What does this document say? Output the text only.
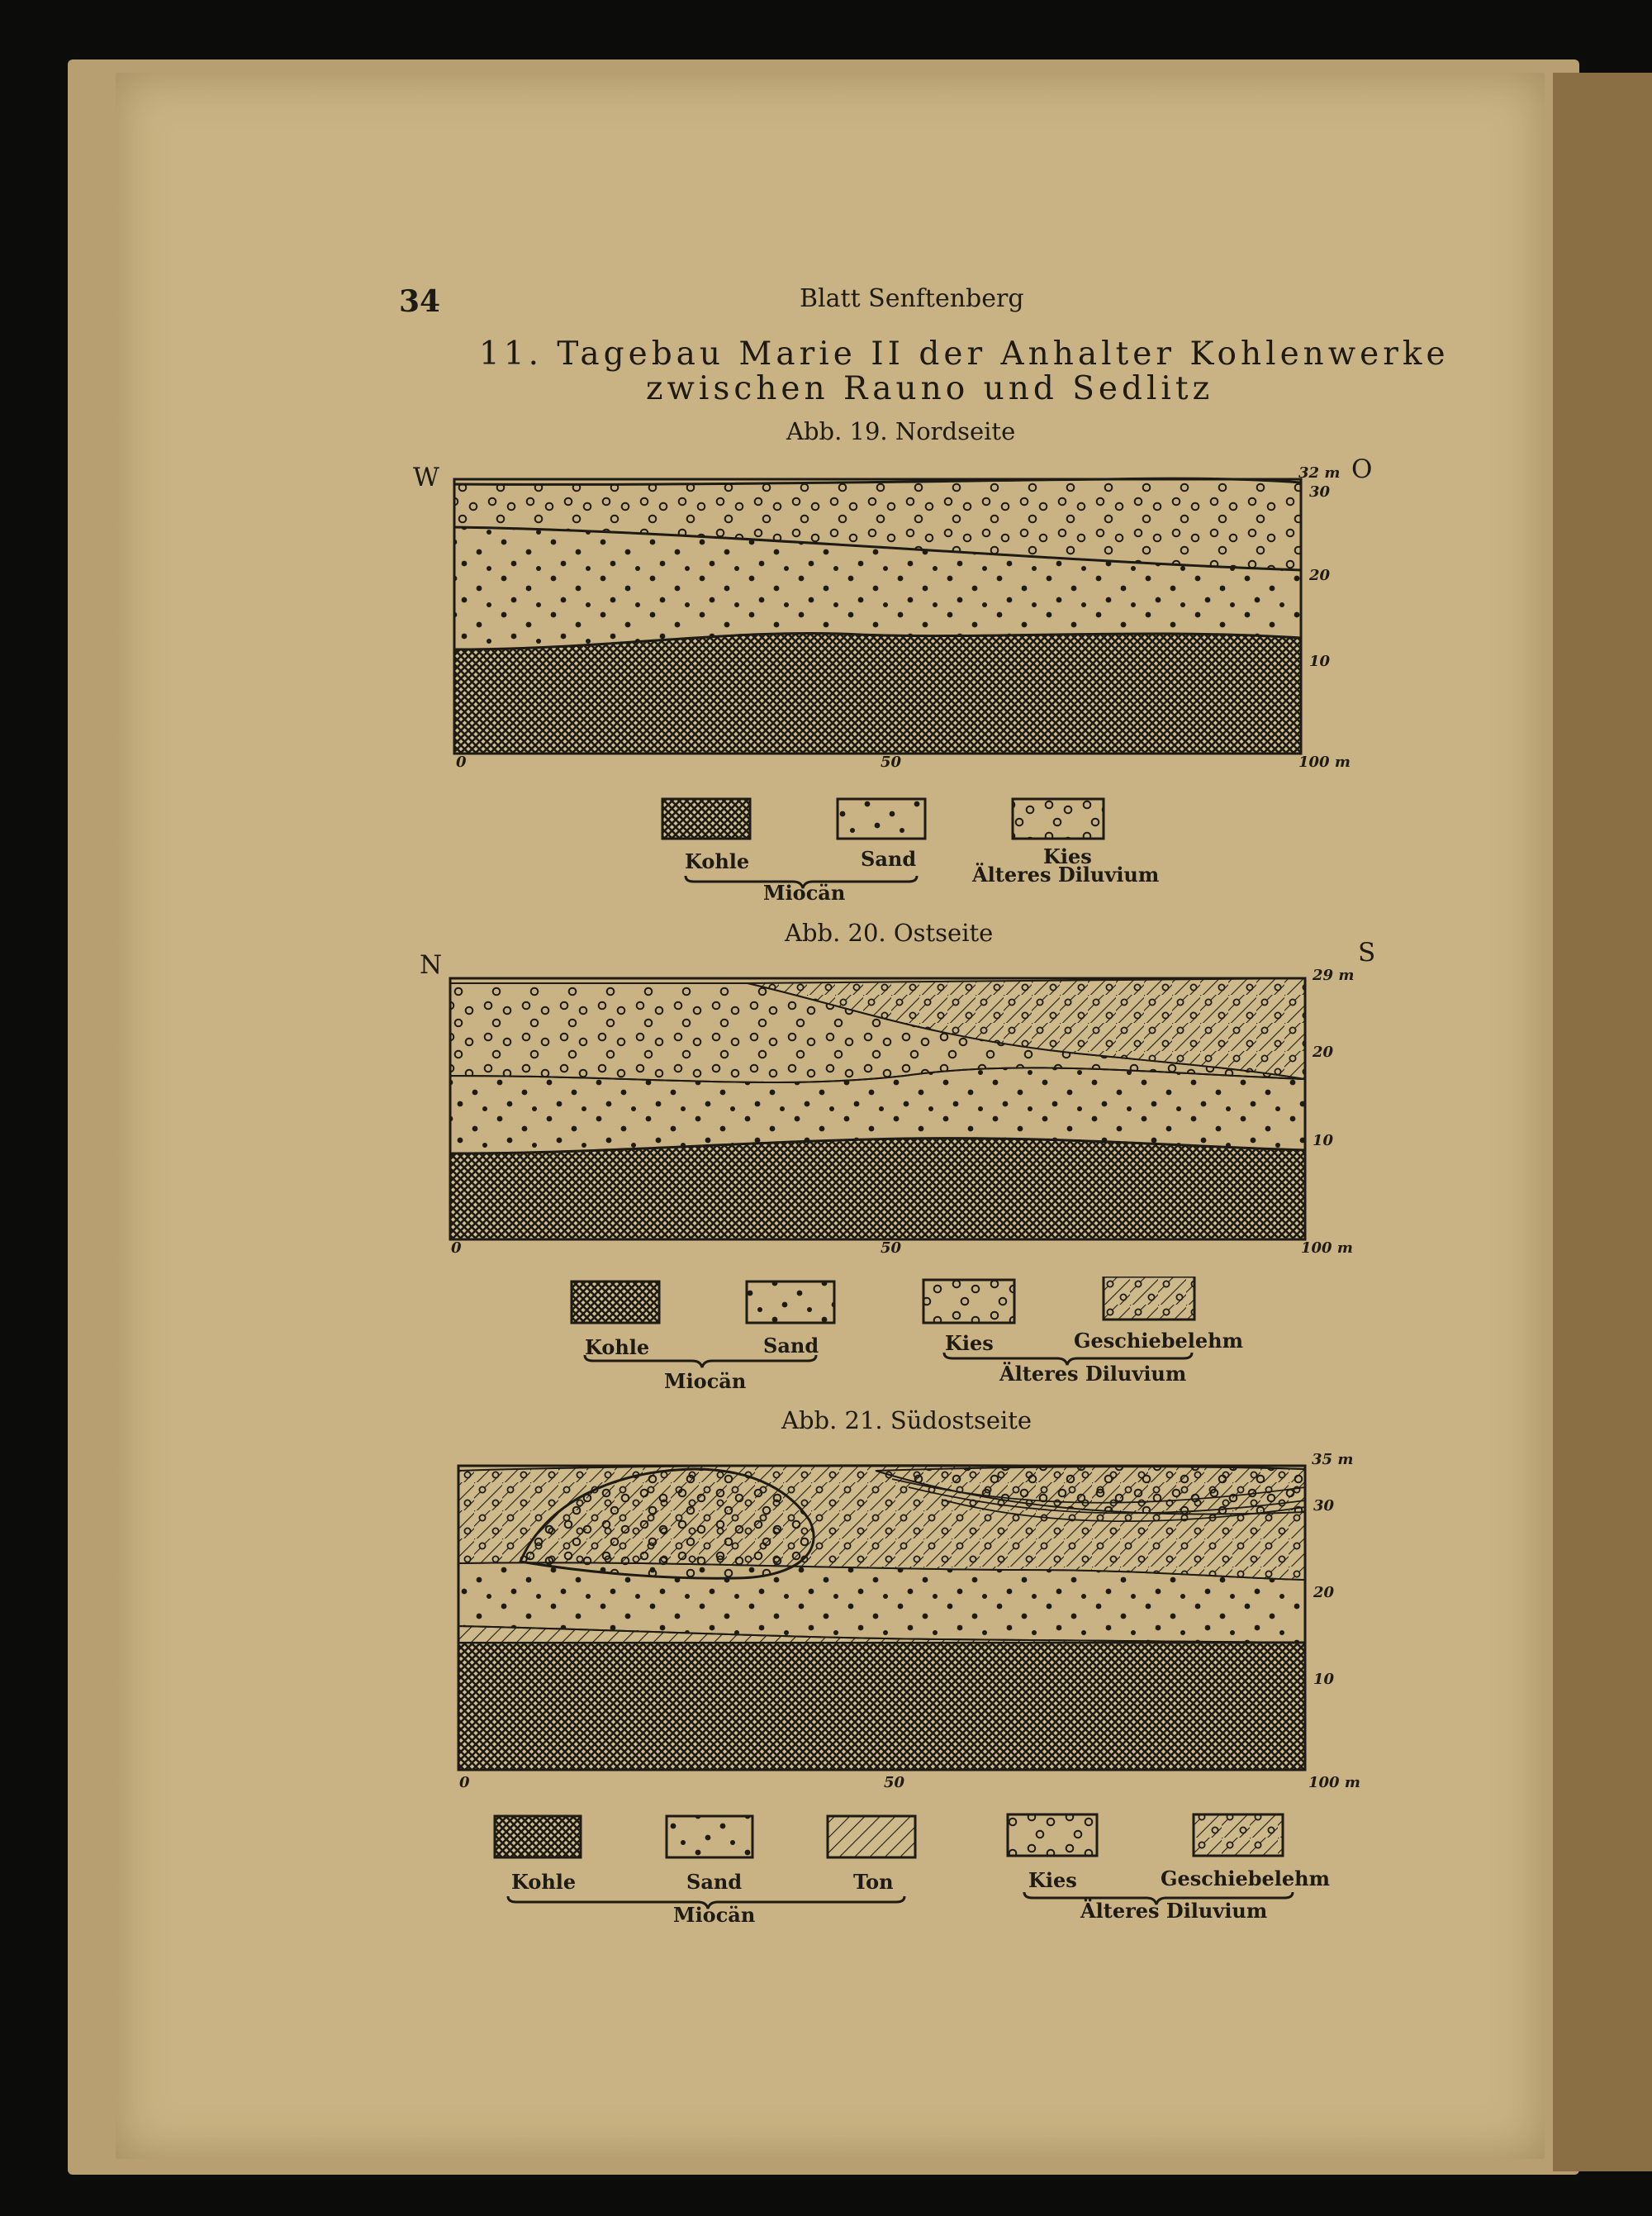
34	Blatt Senftenberg
11. Tagebau Marie II der Anhalter Kohlenwerke
zwischen Rauno und Sedlitz
Abb. 19. Nordseite
W	O
32 m
30
20
10
0	50	100 m
Kohle	Sand	Kies
Älteres Diluvium
Miocän
Abb. 20. Ostseite
N	S
29 m
20
10
0	50	100 m
Kohle	Sand	Kies	Geschiebelehm
Älteres Diluvium
Miocän
Abb. 21. Südostseite
35 m
30
20
10
0	50	100 m
Kohle	Sand	Ton	Kies	Geschiebelehm
Älteres Diluvium
Miocän
